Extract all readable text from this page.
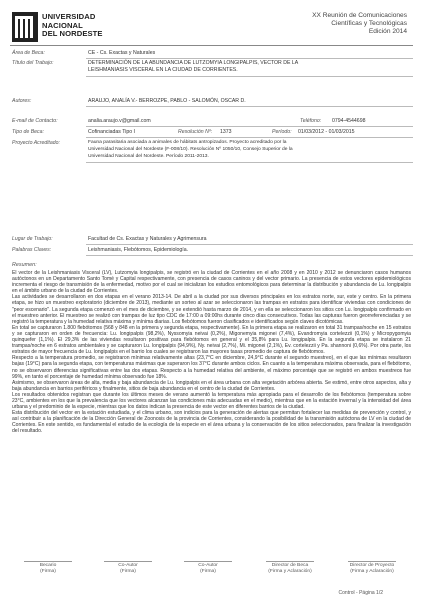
UNIVERSIDAD
NACIONAL
DEL NORDESTE
XX Reunión de Comunicaciones
Científicas y Tecnológicas
Edición 2014
Área de Beca:	CE - Cs. Exactas y Naturales
Título del Trabajo:	DETERMINACIÓN DE LA ABUNDANCIA DE LUTZOMYIA LONGIPALPIS, VECTOR DE LA
LEISHMANIASIS VISCERAL EN LA CIUDAD DE CORRIENTES.
Autores:	ARAUJO, ANALÍA V.- BERROZPE, PABLO - SALOMÓN, OSCAR D.
E-mail de Contacto:	analia.araujo.v@gmail.com	Teléfono: 0794-4544698
Tipo de Beca:	Cofinanciadas Tipo I	Resolución Nº: 1373	Período: 01/03/2012 - 01/03/2015
Proyecto Acreditado:	Fauna parasitaria asociada a animales de hábitats antropizados. Proyecto acreditado por la
Universidad Nacional del Nordeste (F-008/10). Resolución Nº 1050/10, Consejo Superior de la
Universidad Nacional del Nordeste. Período 2011-2013.
Lugar de Trabajo:	Facultad de Cs. Exactas y Naturales y Agrimensura
Palabras Claves:	Leishmaniasis, Flebótomos, Epidemiología.
Resumen:

El vector de la Leishmaniasis Visceral (LV), Lutzomyia longipalpis, se registró en la ciudad de Corrientes en el año 2008 y en 2010 y 2012 se denunciaron casos humanos autóctonos en un Departamento Santo Tomé y Capital respectivamente, con presencia de casos caninos y del vector primario. La presencia de estos vectores epidemiológicos incrementa el riesgo de transmisión de la enfermedad, motivo por el cual se inicializan los estudios entomológicos para determinar la distribución y abundancia de Lu. longipalpis en el ámbito urbano de la ciudad de Corrientes.

Las actividades se desarrollaron en dos etapas en el verano 2013-14. De abril a la ciudad por sus diversos principales en los estratos norte, sur, este y centro. En la primera etapa, se hizo un muestreo exploratorio (diciembre de 2013), mediante un sorteo al azar se seleccionaron las trampas en estratos para identificar viviendas con condiciones de "peor escenario". La segunda etapa comenzó en el mes de diciembre, y se extendió hasta marzo de 2014, y en ella se seleccionaron los sitios con Lu. longipalpis confirmado en el muestreo anterior. El muestreo se realizó con trampas de luz tipo CDC de 17:00 a 09:00hs durante cinco días consecutivos. Todas las capturas fueron georreferenciadas y se registró la temperatura y la humedad relativa máxima y mínima diarias. Los flebótomos fueron clasificados e identificados según claves dicotómicas.

En total se capturaron 1.800 flebótomos (568 y 848 en la primera y segunda etapa, respectivamente). En la primera etapa se realizaron en total 31 trampas/noche en 15 estratos y se capturaron en orden de frecuencia: Lu. longipalpis (98,2%), Nyssomyia neivai (0,2%), Migonemyia migonei (7,4%), Evandromyia cortelezzii (0,1%) y Micropygomyia quinquefer (1,1%). El 29,3% de las viviendas resultaron positivas para flebótomos en general y el 35,8% para Lu. longipalpis. En la segunda etapa se instalaron 21 trampas/noche en 6 estratos ambientales y se capturaron Lu. longipalpis (94,9%), Ny. neivai (2,7%), Mi. migonei (2,1%), Ev. cortelezzii y Pa. shannoni (0,6%). Por otra parte, los estratos de mayor frecuencia de Lu. longipalpis en el barrio los cuales se registraron las mayores tasas promedio de captura de flebótomos.

Respecto a la temperatura promedio, se registraron mínimas relativamente altas (23,7°C en diciembre, 24,9°C durante el segundo muestreo), en el que las mínimas resultaron bajas (19°C) para la segunda etapa, con temperaturas máximas que superaron los 37°C durante ambos ciclos. En cuanto a la temperatura máxima observada, para el flebótomo, no se observaron diferencias significativas entre las dos etapas. Respecto a la humedad relativa del ambiente, el máximo porcentaje que se registró en ambos muestreos fue 99%, en tanto el porcentaje de humedad mínima observado fue 18%.

Asimismo, se observaron áreas de alta, media y baja abundancia de Lu. longipalpis en el área urbana con alta vegetación arbórea abierta. Se estimó, entre otros aspectos, alta y baja abundancia en barrios periféricos y finalmente, sitios de baja abundancia en el centro de la ciudad de Corrientes.

Los resultados obtenidos registran que durante los últimos meses de verano aumentó la temperatura más apropiada para el desarrollo de los flebótomos (temperatura sobre 23°C, ambientes en los que la prevalencia que los vectores alcanzan las condiciones más adecuadas en el medio), mientras que en la estación invernal y la intensidad del área urbana y el predominio de la especie, mientras que los datos indican la presencia de este vector en diferentes barrios de la ciudad.

Esta distribución del vector en la estación estudiada, y el clima urbano, son indicios para la generación de alertas que permitan fortalecer las medidas de prevención y control, y así contribuir a la planificación de la Dirección General de Zoonosis de la provincia de Corrientes, considerando la posibilidad de la transmisión autóctona de LV en la ciudad de Corrientes. En este sentido, es fundamental el estudio de la ecología de la especie en el área urbana y la conservación de los sitios seleccionados, para finalizar la investigación del resultado.

Becario
(Firma)
Co-Autor
(Firma)
Co-Autor
(Firma)
Director de Beca
(Firma y Aclaración)
Director de Proyecto
(Firma y Aclaración)
Control - Página 1/2
